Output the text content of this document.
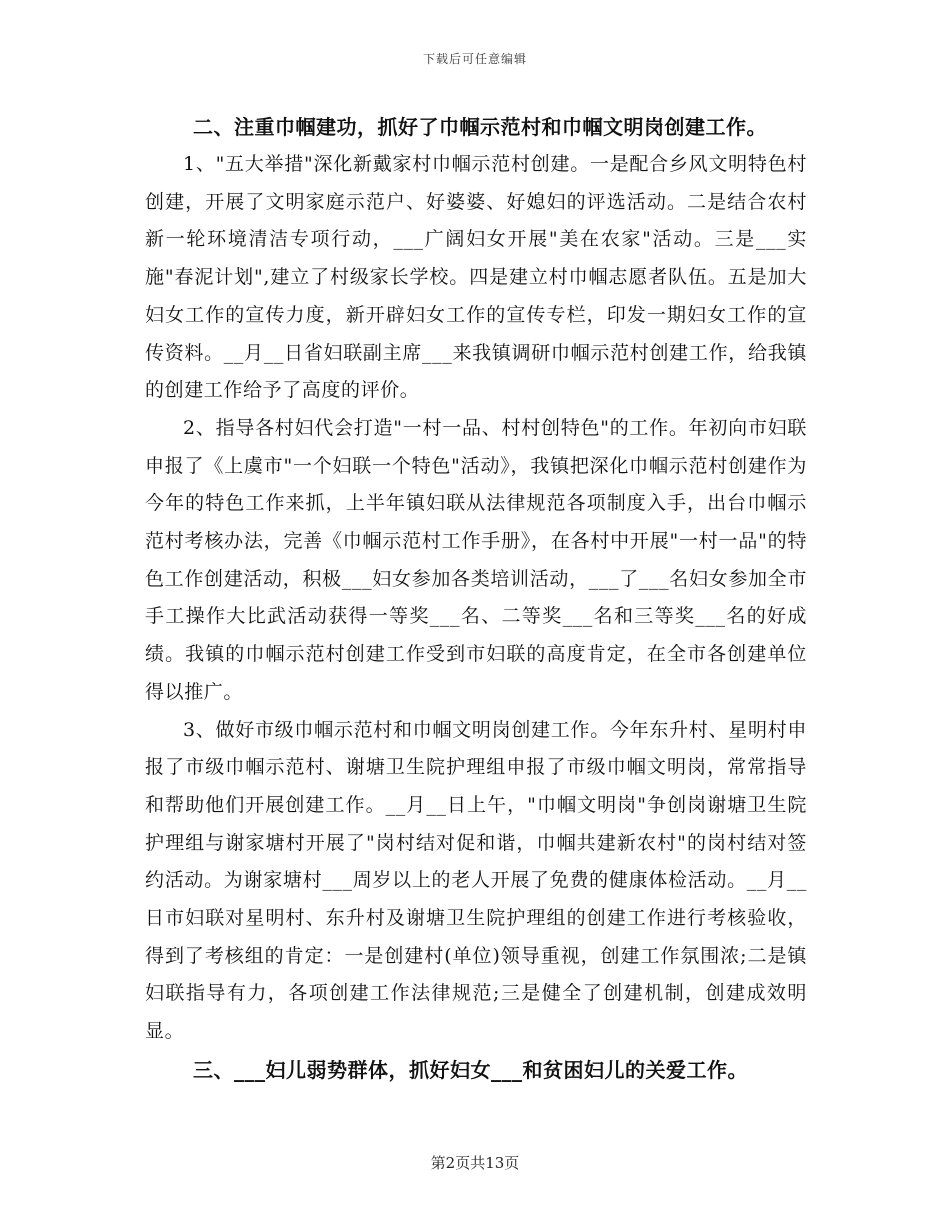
下载后可任意编辑

二、注重巾帼建功，抓好了巾帼示范村和巾帼文明岗创建工作。

1、"五大举措"深化新戴家村巾帼示范村创建。一是配合乡风文明特色村创建，开展了文明家庭示范户、好婆婆、好媳妇的评选活动。二是结合农村新一轮环境清洁专项行动，___广阔妇女开展"美在农家"活动。三是___实施"春泥计划",建立了村级家长学校。四是建立村巾帼志愿者队伍。五是加大妇女工作的宣传力度，新开辟妇女工作的宣传专栏，印发一期妇女工作的宣传资料。__月__日省妇联副主席___来我镇调研巾帼示范村创建工作，给我镇的创建工作给予了高度的评价。

2、指导各村妇代会打造"一村一品、村村创特色"的工作。年初向市妇联申报了《上虞市"一个妇联一个特色"活动》，我镇把深化巾帼示范村创建作为今年的特色工作来抓，上半年镇妇联从法律规范各项制度入手，出台巾帼示范村考核办法，完善《巾帼示范村工作手册》，在各村中开展"一村一品"的特色工作创建活动，积极___妇女参加各类培训活动，___了___名妇女参加全市手工操作大比武活动获得一等奖___名、二等奖___名和三等奖___名的好成绩。我镇的巾帼示范村创建工作受到市妇联的高度肯定，在全市各创建单位得以推广。

3、做好市级巾帼示范村和巾帼文明岗创建工作。今年东升村、星明村申报了市级巾帼示范村、谢塘卫生院护理组申报了市级巾帼文明岗，常常指导和帮助他们开展创建工作。__月__日上午，"巾帼文明岗"争创岗谢塘卫生院护理组与谢家塘村开展了"岗村结对促和谐，巾帼共建新农村"的岗村结对签约活动。为谢家塘村___周岁以上的老人开展了免费的健康体检活动。__月__日市妇联对星明村、东升村及谢塘卫生院护理组的创建工作进行考核验收，得到了考核组的肯定：一是创建村(单位)领导重视，创建工作氛围浓;二是镇妇联指导有力，各项创建工作法律规范;三是健全了创建机制，创建成效明显。

三、___妇儿弱势群体，抓好妇女___和贫困妇儿的关爱工作。

第2页共13页
